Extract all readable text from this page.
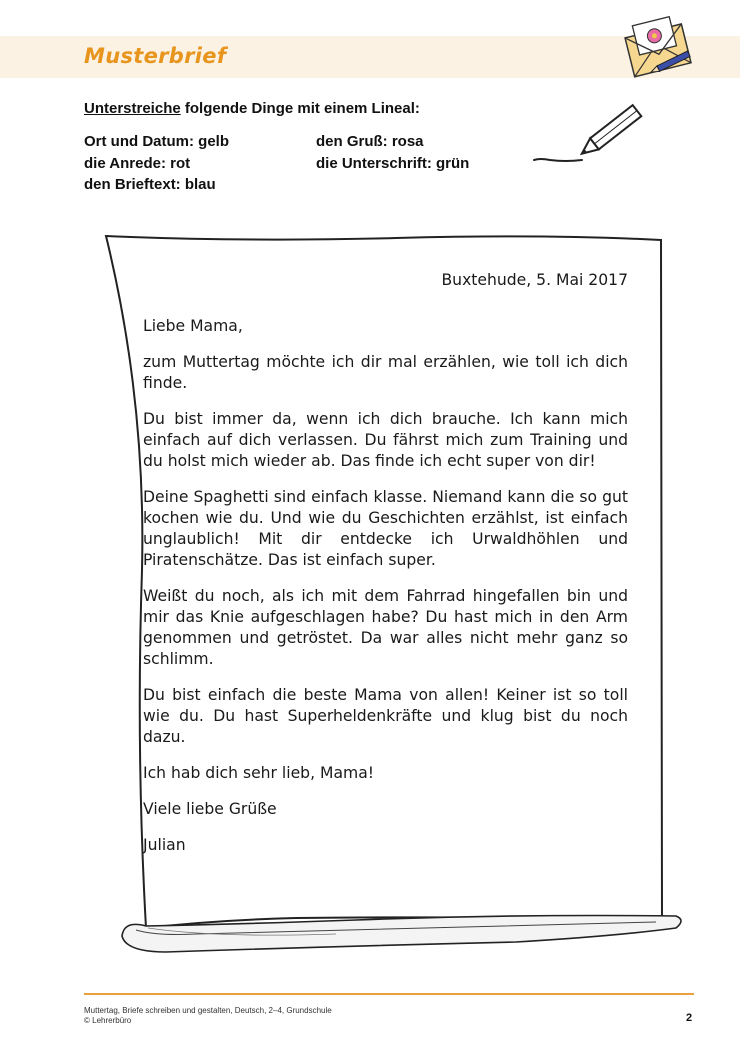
Musterbrief
Unterstreiche folgende Dinge mit einem Lineal:
Ort und Datum: gelb
die Anrede: rot
den Brieftext: blau
den Gruß: rosa
die Unterschrift: grün
Buxtehude, 5. Mai 2017
Liebe Mama,

zum Muttertag möchte ich dir mal erzählen, wie toll ich dich finde.

Du bist immer da, wenn ich dich brauche. Ich kann mich einfach auf dich verlassen. Du fährst mich zum Training und du holst mich wieder ab. Das finde ich echt super von dir!

Deine Spaghetti sind einfach klasse. Niemand kann die so gut kochen wie du. Und wie du Geschichten erzählst, ist einfach unglaublich! Mit dir entdecke ich Urwaldhöhlen und Piratenschätze. Das ist einfach super.

Weißt du noch, als ich mit dem Fahrrad hingefallen bin und mir das Knie aufgeschlagen habe? Du hast mich in den Arm genommen und getröstet. Da war alles nicht mehr ganz so schlimm.

Du bist einfach die beste Mama von allen! Keiner ist so toll wie du. Du hast Superheldenkräfte und klug bist du noch dazu.

Ich hab dich sehr lieb, Mama!

Viele liebe Grüße

Julian

Muttertag, Briefe schreiben und gestalten, Deutsch, 2–4, Grundschule
© Lehrerbüro	2
